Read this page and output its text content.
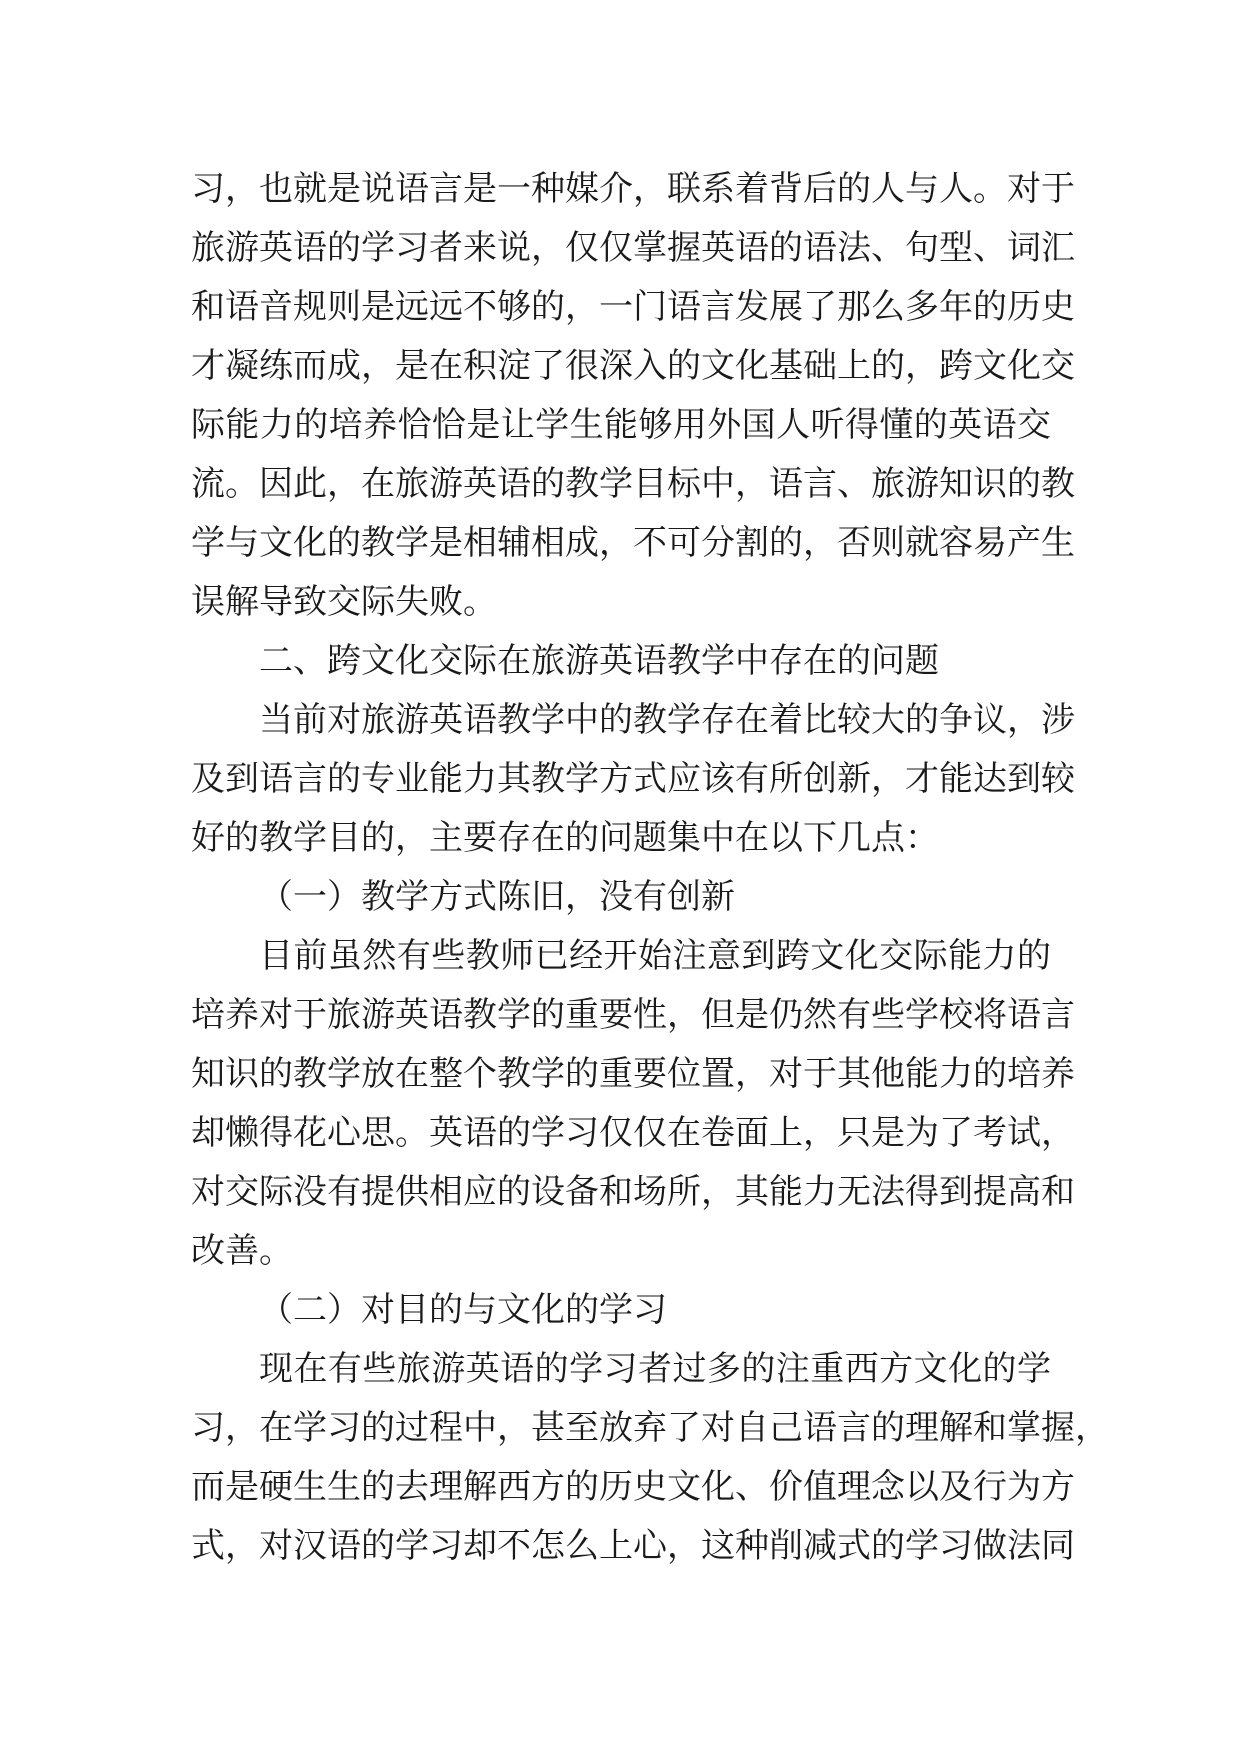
习，也就是说语言是一种媒介，联系着背后的人与人。对于
旅游英语的学习者来说，仅仅掌握英语的语法、句型、词汇
和语音规则是远远不够的，一门语言发展了那么多年的历史
才凝练而成，是在积淀了很深入的文化基础上的，跨文化交
际能力的培养恰恰是让学生能够用外国人听得懂的英语交
流。因此，在旅游英语的教学目标中，语言、旅游知识的教
学与文化的教学是相辅相成，不可分割的，否则就容易产生
误解导致交际失败。
二、跨文化交际在旅游英语教学中存在的问题
当前对旅游英语教学中的教学存在着比较大的争议，涉
及到语言的专业能力其教学方式应该有所创新，才能达到较
好的教学目的，主要存在的问题集中在以下几点：
（一）教学方式陈旧，没有创新
目前虽然有些教师已经开始注意到跨文化交际能力的
培养对于旅游英语教学的重要性，但是仍然有些学校将语言
知识的教学放在整个教学的重要位置，对于其他能力的培养
却懒得花心思。英语的学习仅仅在卷面上，只是为了考试，
对交际没有提供相应的设备和场所，其能力无法得到提高和
改善。
（二）对目的与文化的学习
现在有些旅游英语的学习者过多的注重西方文化的学
习，在学习的过程中，甚至放弃了对自己语言的理解和掌握，
而是硬生生的去理解西方的历史文化、价值理念以及行为方
式，对汉语的学习却不怎么上心，这种削减式的学习做法同
